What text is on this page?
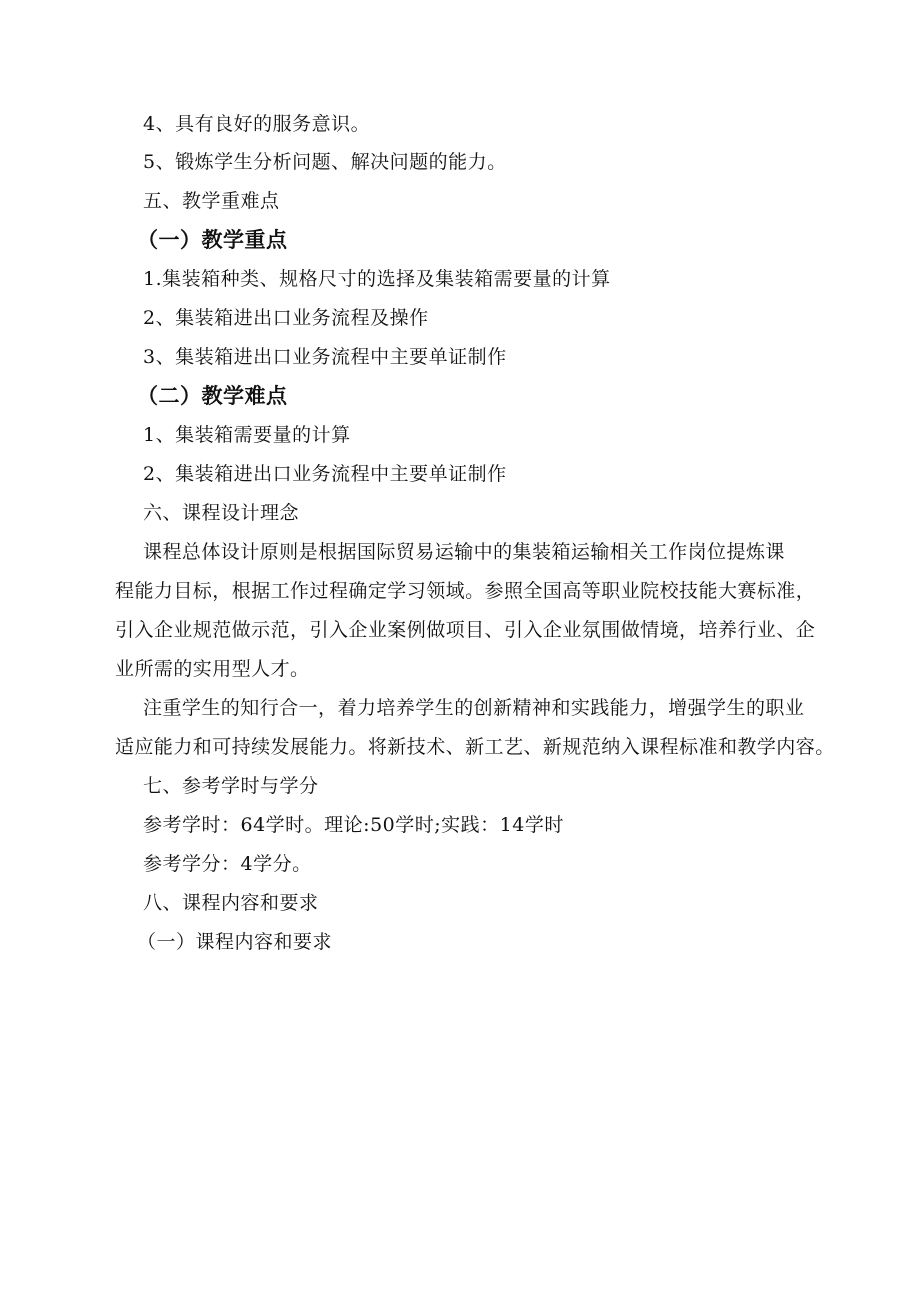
4、具有良好的服务意识。
5、锻炼学生分析问题、解决问题的能力。
五、教学重难点
（一）教学重点
1.集装箱种类、规格尺寸的选择及集装箱需要量的计算
2、集装箱进出口业务流程及操作
3、集装箱进出口业务流程中主要单证制作
（二）教学难点
1、集装箱需要量的计算
2、集装箱进出口业务流程中主要单证制作
六、课程设计理念
课程总体设计原则是根据国际贸易运输中的集装箱运输相关工作岗位提炼课
程能力目标，根据工作过程确定学习领域。参照全国高等职业院校技能大赛标准，
引入企业规范做示范，引入企业案例做项目、引入企业氛围做情境，培养行业、企
业所需的实用型人才。
注重学生的知行合一，着力培养学生的创新精神和实践能力，增强学生的职业
适应能力和可持续发展能力。将新技术、新工艺、新规范纳入课程标准和教学内容。
七、参考学时与学分
参考学时：64学时。理论:50学时;实践：14学时
参考学分：4学分。
八、课程内容和要求
（一）课程内容和要求
